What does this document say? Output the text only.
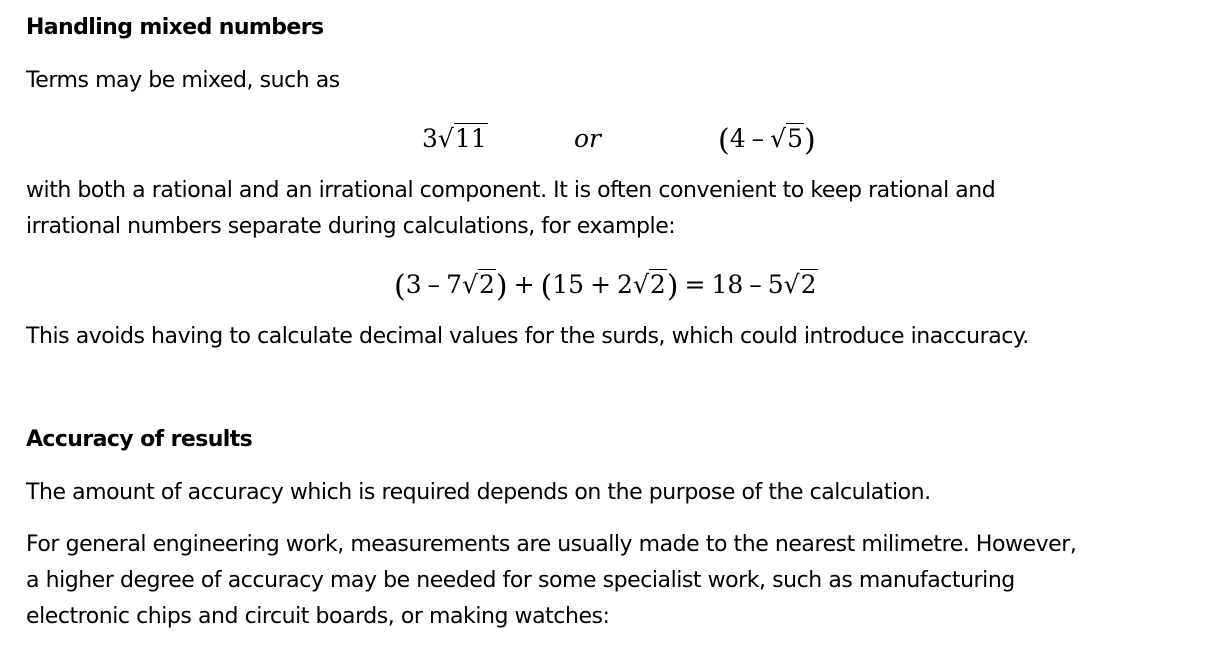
Handling mixed numbers

Terms may be mixed, such as

3√11	or	(4 – √5)

with both a rational and an irrational component. It is often convenient to keep rational and

irrational numbers separate during calculations, for example:

(3 – 7√2) + (15 + 2√2) = 18 – 5√2

This avoids having to calculate decimal values for the surds, which could introduce inaccuracy.

Accuracy of results

The amount of accuracy which is required depends on the purpose of the calculation.

For general engineering work, measurements are usually made to the nearest milimetre. However,

a higher degree of accuracy may be needed for some specialist work, such as manufacturing

electronic chips and circuit boards, or making watches:
